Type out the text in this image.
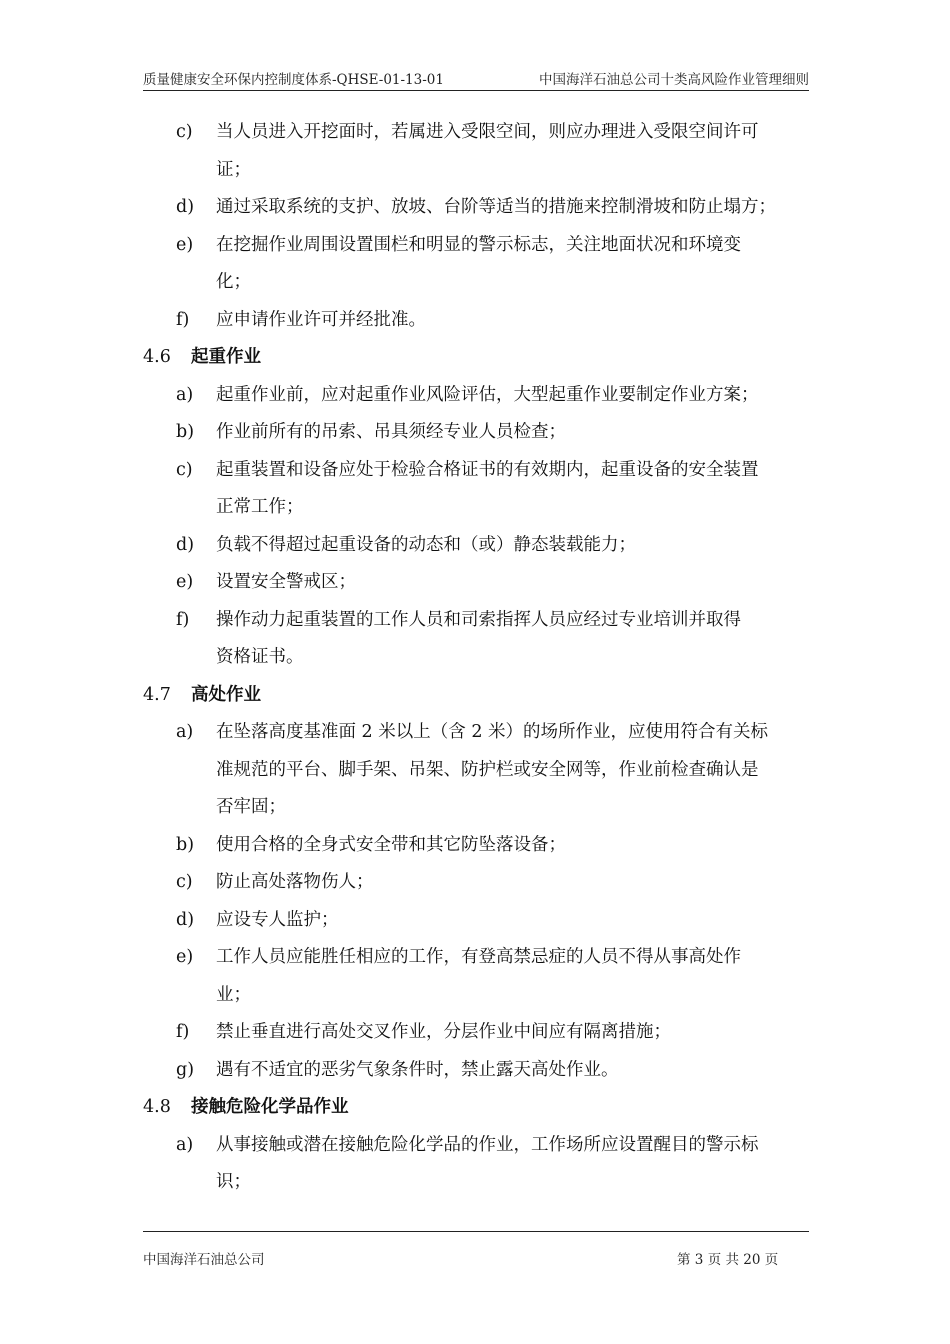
质量健康安全环保内控制度体系-QHSE-01-13-01	中国海洋石油总公司十类高风险作业管理细则
c) 当人员进入开挖面时，若属进入受限空间，则应办理进入受限空间许可
证；
d) 通过采取系统的支护、放坡、台阶等适当的措施来控制滑坡和防止塌方；
e) 在挖掘作业周围设置围栏和明显的警示标志，关注地面状况和环境变
化；
f) 应申请作业许可并经批准。
4.6 起重作业
a) 起重作业前，应对起重作业风险评估，大型起重作业要制定作业方案；
b) 作业前所有的吊索、吊具须经专业人员检查；
c) 起重装置和设备应处于检验合格证书的有效期内，起重设备的安全装置
正常工作；
d) 负载不得超过起重设备的动态和（或）静态装载能力；
e) 设置安全警戒区；
f) 操作动力起重装置的工作人员和司索指挥人员应经过专业培训并取得
资格证书。
4.7 高处作业
a) 在坠落高度基准面 2 米以上（含 2 米）的场所作业，应使用符合有关标
准规范的平台、脚手架、吊架、防护栏或安全网等，作业前检查确认是
否牢固；
b) 使用合格的全身式安全带和其它防坠落设备；
c) 防止高处落物伤人；
d) 应设专人监护；
e) 工作人员应能胜任相应的工作，有登高禁忌症的人员不得从事高处作
业；
f) 禁止垂直进行高处交叉作业，分层作业中间应有隔离措施；
g) 遇有不适宜的恶劣气象条件时，禁止露天高处作业。
4.8 接触危险化学品作业
a) 从事接触或潜在接触危险化学品的作业，工作场所应设置醒目的警示标
识；
中国海洋石油总公司	第 3 页 共 20 页
